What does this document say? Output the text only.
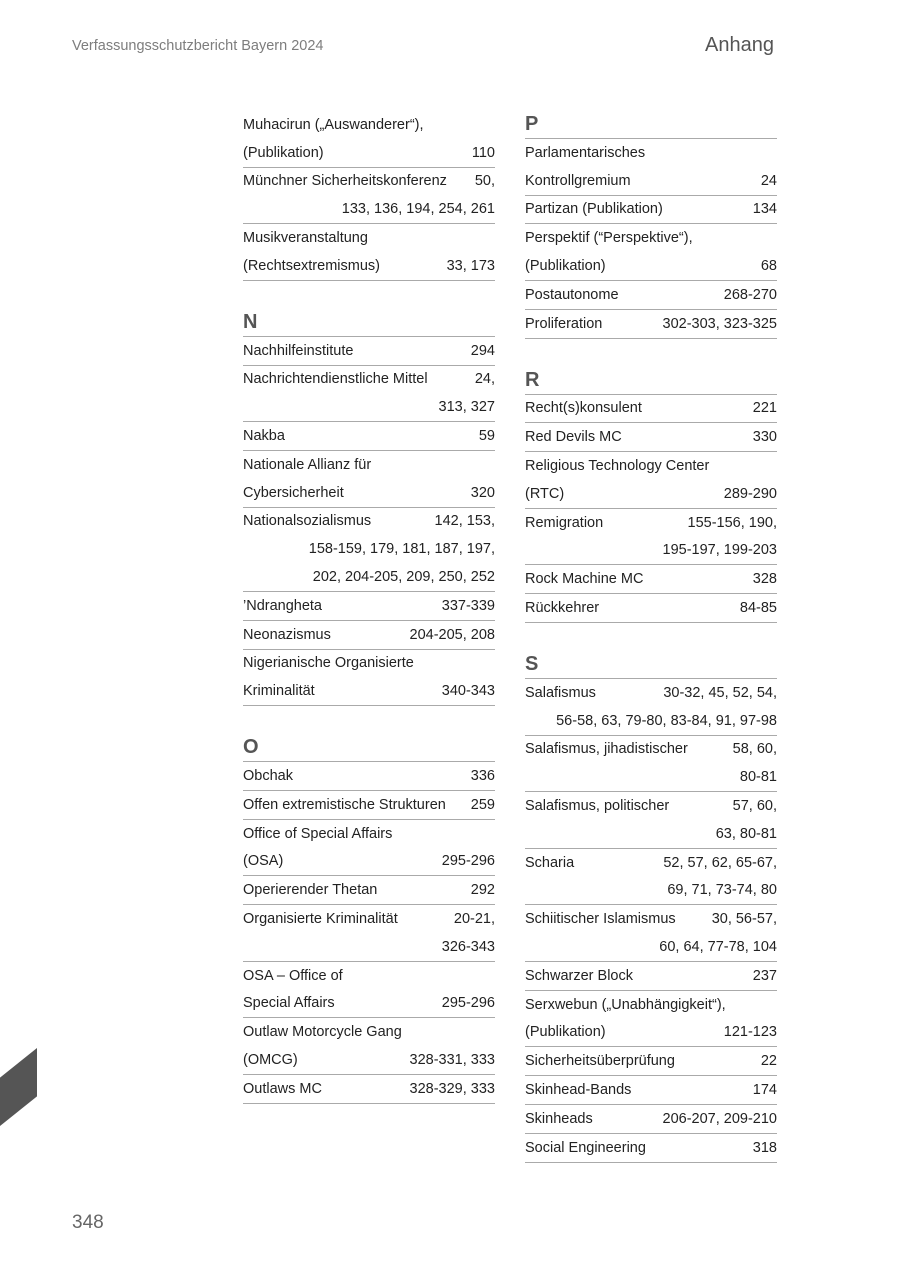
Verfassungsschutzbericht Bayern 2024	Anhang
Muhacirun („Auswanderer“),
(Publikation)	110
Münchner Sicherheitskonferenz 50,
133, 136, 194, 254, 261
Musikveranstaltung
(Rechtsextremismus)	33, 173
N
Nachhilfeinstitute	294
Nachrichtendienstliche Mittel	24,
313, 327
Nakba	59
Nationale Allianz für
Cybersicherheit	320
Nationalsozialismus	142, 153,
158-159, 179, 181, 187, 197,
202, 204-205, 209, 250, 252
’Ndrangheta	337-339
Neonazismus	204-205, 208
Nigerianische Organisierte
Kriminalität	340-343
O
Obchak	336
Offen extremistische Strukturen 259
Office of Special Affairs
(OSA)	295-296
Operierender Thetan	292
Organisierte Kriminalität	20-21,
326-343
OSA – Office of
Special Affairs	295-296
Outlaw Motorcycle Gang
(OMCG)	328-331, 333
Outlaws MC	328-329, 333
P
Parlamentarisches
Kontrollgremium	24
Partizan (Publikation)	134
Perspektif (“Perspektive“),
(Publikation)	68
Postautonome	268-270
Proliferation	302-303, 323-325
R
Recht(s)konsulent	221
Red Devils MC	330
Religious Technology Center
(RTC)	289-290
Remigration	155-156, 190,
195-197, 199-203
Rock Machine MC	328
Rückkehrer	84-85
S
Salafismus	30-32, 45, 52, 54,
56-58, 63, 79-80, 83-84, 91, 97-98
Salafismus, jihadistischer	58, 60,
80-81
Salafismus, politischer	57, 60,
63, 80-81
Scharia	52, 57, 62, 65-67,
69, 71, 73-74, 80
Schiitischer Islamismus 30, 56-57,
60, 64, 77-78, 104
Schwarzer Block	237
Serxwebun („Unabhängigkeit“),
(Publikation)	121-123
Sicherheitsüberprüfung	22
Skinhead-Bands	174
Skinheads	206-207, 209-210
Social Engineering	318
348
